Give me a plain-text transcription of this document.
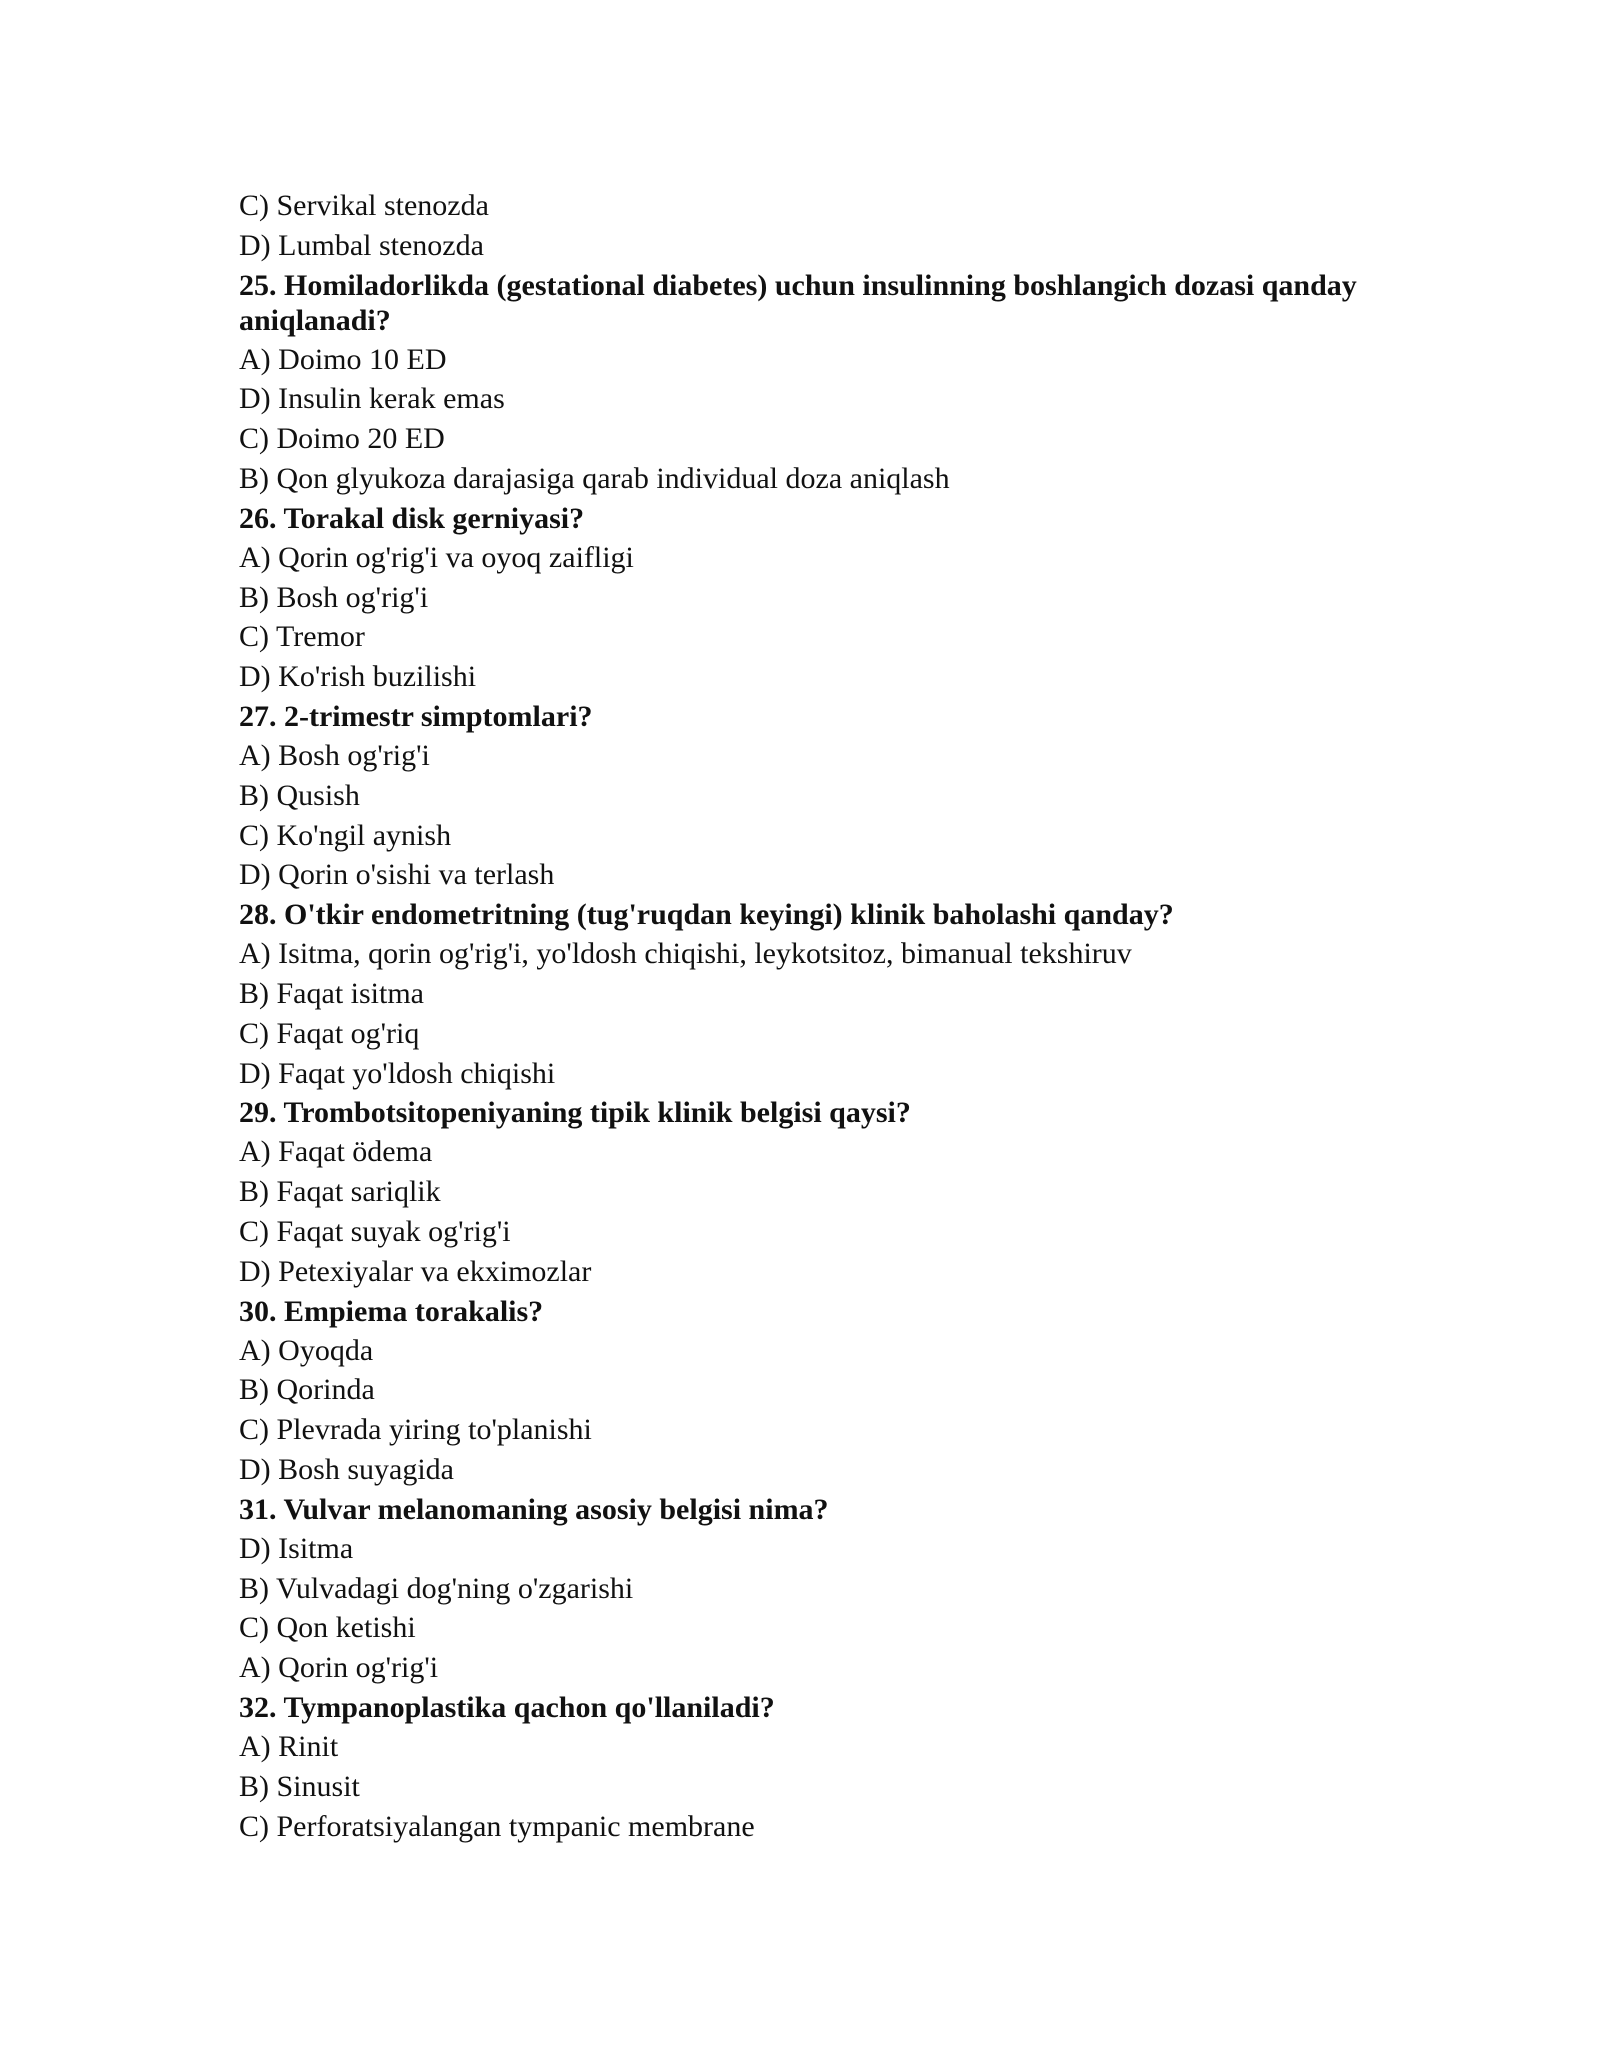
C) Servikal stenozda
D) Lumbal stenozda
25. Homiladorlikda (gestational diabetes) uchun insulinning boshlangich dozasi qanday aniqlanadi?
A) Doimo 10 ED
D) Insulin kerak emas
C) Doimo 20 ED
B) Qon glyukoza darajasiga qarab individual doza aniqlash
26. Torakal disk gerniyasi?
A) Qorin og'rig'i va oyoq zaifligi
B) Bosh og'rig'i
C) Tremor
D) Ko'rish buzilishi
27. 2-trimestr simptomlari?
A) Bosh og'rig'i
B) Qusish
C) Ko'ngil aynish
D) Qorin o'sishi va terlash
28. O'tkir endometritning (tug'ruqdan keyingi) klinik baholashi qanday?
A) Isitma, qorin og'rig'i, yo'ldosh chiqishi, leykotsitoz, bimanual tekshiruv
B) Faqat isitma
C) Faqat og'riq
D) Faqat yo'ldosh chiqishi
29. Trombotsitopeniyaning tipik klinik belgisi qaysi?
A) Faqat ödema
B) Faqat sariqlik
C) Faqat suyak og'rig'i
D) Petexiyalar va ekximozlar
30. Empiema torakalis?
A) Oyoqda
B) Qorinda
C) Plevrada yiring to'planishi
D) Bosh suyagida
31. Vulvar melanomaning asosiy belgisi nima?
D) Isitma
B) Vulvadagi dog'ning o'zgarishi
C) Qon ketishi
A) Qorin og'rig'i
32. Tympanoplastika qachon qo'llaniladi?
A) Rinit
B) Sinusit
C) Perforatsiyalangan tympanic membrane
